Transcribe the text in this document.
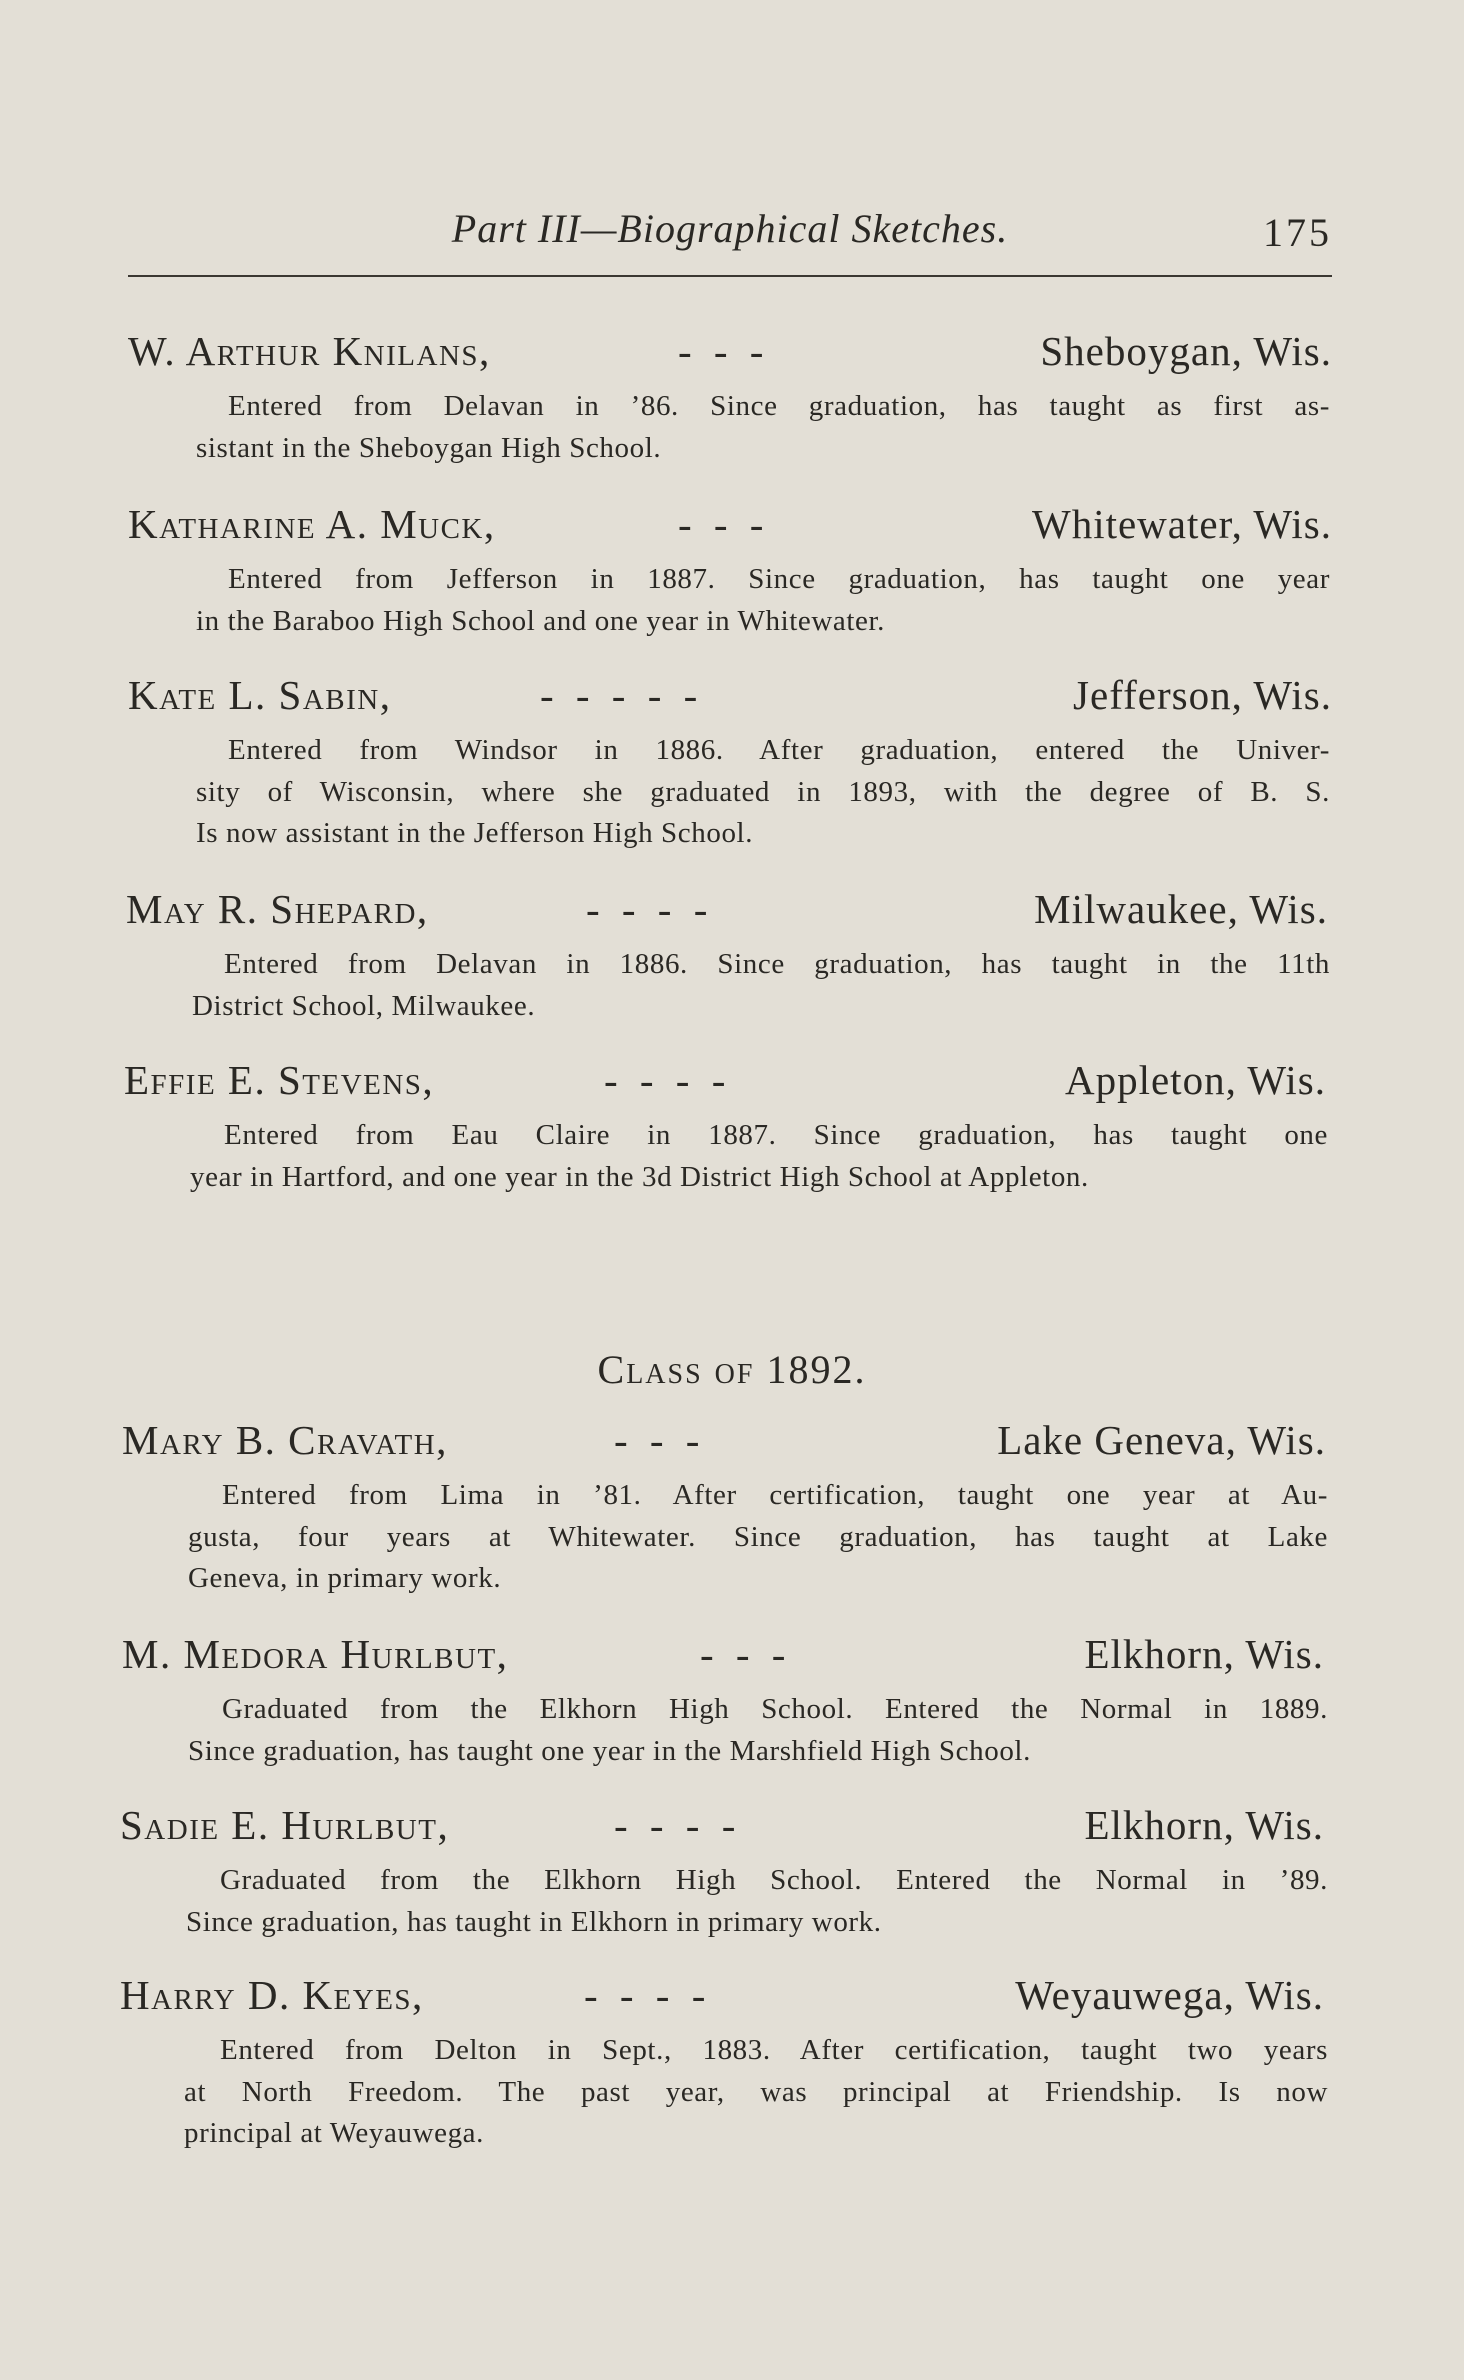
Part III—Biographical Sketches.	175
W. Arthur Knilans,	- - -	Sheboygan, Wis.
Entered from Delavan in ’86. Since graduation, has taught as first as-
sistant in the Sheboygan High School.
Katharine A. Muck,	- - -	Whitewater, Wis.
Entered from Jefferson in 1887. Since graduation, has taught one year
in the Baraboo High School and one year in Whitewater.
Kate L. Sabin,	- - - - -	Jefferson, Wis.
Entered from Windsor in 1886. After graduation, entered the Univer-
sity of Wisconsin, where she graduated in 1893, with the degree of B. S.
Is now assistant in the Jefferson High School.
May R. Shepard,	- - - -	Milwaukee, Wis.
Entered from Delavan in 1886. Since graduation, has taught in the 11th
District School, Milwaukee.
Effie E. Stevens,	- - - -	Appleton, Wis.
Entered from Eau Claire in 1887. Since graduation, has taught one
year in Hartford, and one year in the 3d District High School at Appleton.
Class of 1892.
Mary B. Cravath,	- - -	Lake Geneva, Wis.
Entered from Lima in ’81. After certification, taught one year at Au-
gusta, four years at Whitewater. Since graduation, has taught at Lake
Geneva, in primary work.
M. Medora Hurlbut,	- - -	Elkhorn, Wis.
Graduated from the Elkhorn High School. Entered the Normal in 1889.
Since graduation, has taught one year in the Marshfield High School.
Sadie E. Hurlbut,	- - - -	Elkhorn, Wis.
Graduated from the Elkhorn High School. Entered the Normal in ’89.
Since graduation, has taught in Elkhorn in primary work.
Harry D. Keyes,	- - - -	Weyauwega, Wis.
Entered from Delton in Sept., 1883. After certification, taught two years
at North Freedom. The past year, was principal at Friendship. Is now
principal at Weyauwega.
